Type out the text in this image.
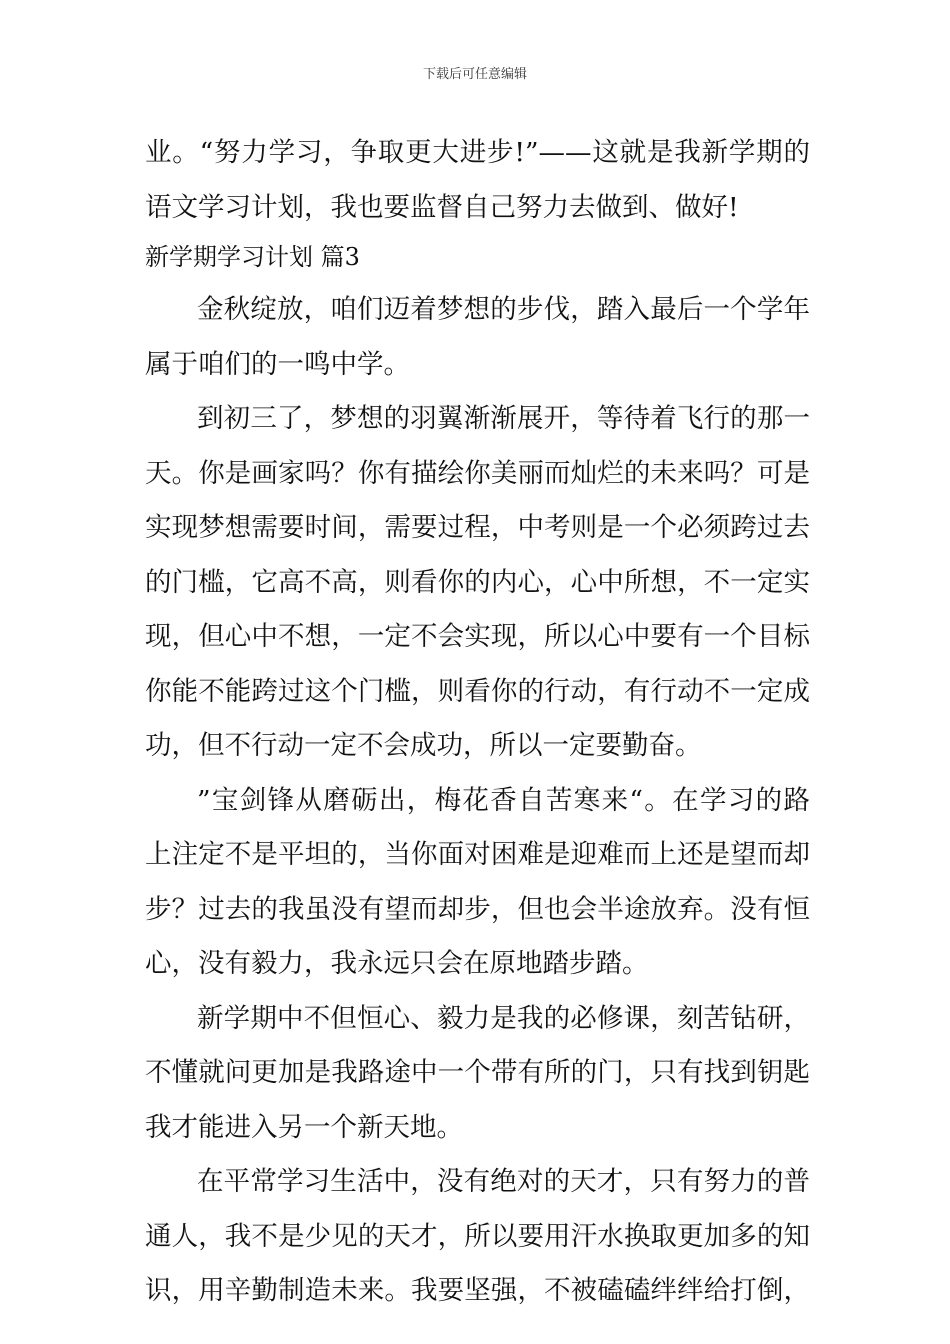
下载后可任意编辑
业。“努力学习，争取更大进步!”——这就是我新学期的
语文学习计划，我也要监督自己努力去做到、做好!
新学期学习计划 篇3
金秋绽放，咱们迈着梦想的步伐，踏入最后一个学年
属于咱们的一鸣中学。
到初三了，梦想的羽翼渐渐展开，等待着飞行的那一
天。你是画家吗？你有描绘你美丽而灿烂的未来吗？可是
实现梦想需要时间，需要过程，中考则是一个必须跨过去
的门槛，它高不高，则看你的内心，心中所想，不一定实
现，但心中不想，一定不会实现，所以心中要有一个目标
你能不能跨过这个门槛，则看你的行动，有行动不一定成
功，但不行动一定不会成功，所以一定要勤奋。
”宝剑锋从磨砺出，梅花香自苦寒来“。在学习的路
上注定不是平坦的，当你面对困难是迎难而上还是望而却
步？过去的我虽没有望而却步，但也会半途放弃。没有恒
心，没有毅力，我永远只会在原地踏步踏。
新学期中不但恒心、毅力是我的必修课，刻苦钻研，
不懂就问更加是我路途中一个带有所的门，只有找到钥匙
我才能进入另一个新天地。
在平常学习生活中，没有绝对的天才，只有努力的普
通人，我不是少见的天才，所以要用汗水换取更加多的知
识，用辛勤制造未来。我要坚强，不被磕磕绊绊给打倒，
